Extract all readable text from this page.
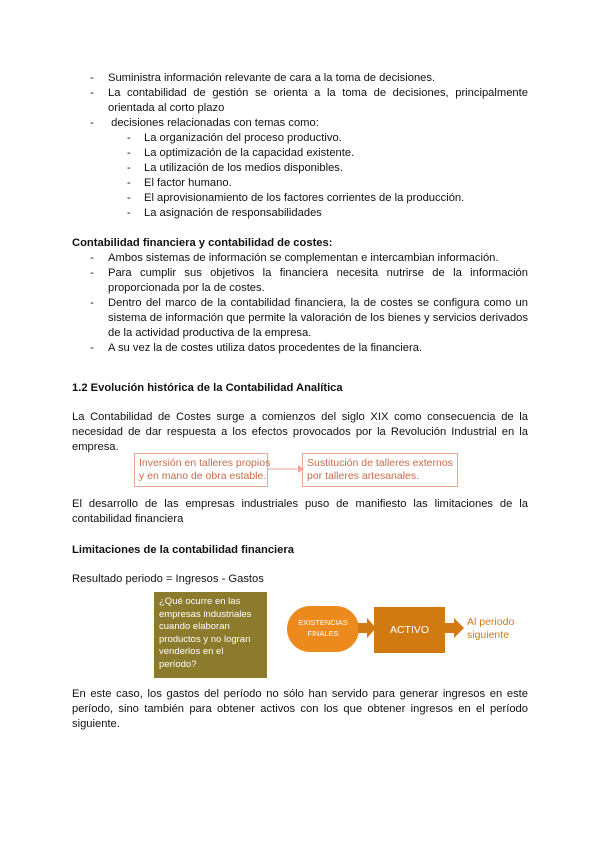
- Suministra información relevante de cara a la toma de decisiones.
- La contabilidad de gestión se orienta a la toma de decisiones, principalmente
orientada al corto plazo
- decisiones relacionadas con temas como:
- La organización del proceso productivo.
- La optimización de la capacidad existente.
- La utilización de los medios disponibles.
- El factor humano.
- El aprovisionamiento de los factores corrientes de la producción.
- La asignación de responsabilidades
Contabilidad financiera y contabilidad de costes:
- Ambos sistemas de información se complementan e intercambian información.
- Para cumplir sus objetivos la financiera necesita nutrirse de la información
proporcionada por la de costes.
- Dentro del marco de la contabilidad financiera, la de costes se configura como un
sistema de información que permite la valoración de los bienes y servicios derivados
de la actividad productiva de la empresa.
- A su vez la de costes utiliza datos procedentes de la financiera.
1.2 Evolución histórica de la Contabilidad Analítica
La Contabilidad de Costes surge a comienzos del siglo XIX como consecuencia de la
necesidad de dar respuesta a los efectos provocados por la Revolución Industrial en la
empresa.
Inversión en talleres propios
y en mano de obra estable.
Sustitución de talleres externos
por talleres artesanales.
El desarrollo de las empresas industriales puso de manifiesto las limitaciones de la
contabilidad financiera
Limitaciones de la contabilidad financiera
Resultado periodo = Ingresos - Gastos
¿Qué ocurre en las
empresas industriales
cuando elaboran
productos y no logran
venderlos en el
período?
EXISTENCIAS
FINALES	ACTIVO
Al periodo
siguiente
En este caso, los gastos del período no sólo han servido para generar ingresos en este
período, sino también para obtener activos con los que obtener ingresos en el período
siguiente.
